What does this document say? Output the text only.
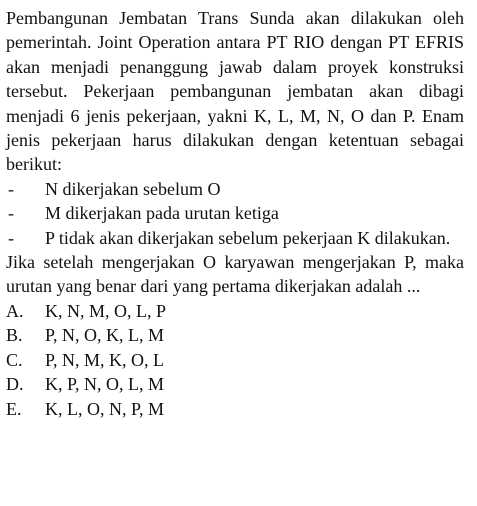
Pembangunan Jembatan Trans Sunda akan dilakukan oleh pemerintah. Joint Operation antara PT RIO dengan PT EFRIS akan menjadi penanggung jawab dalam proyek konstruksi tersebut. Pekerjaan pembangunan jembatan akan dibagi menjadi 6 jenis pekerjaan, yakni K, L, M, N, O dan P. Enam jenis pekerjaan harus dilakukan dengan ketentuan sebagai berikut:

- N dikerjakan sebelum O
- M dikerjakan pada urutan ketiga
- P tidak akan dikerjakan sebelum pekerjaan K dilakukan.

Jika setelah mengerjakan O karyawan mengerjakan P, maka urutan yang benar dari yang pertama dikerjakan adalah ...

A.	K, N, M, O, L, P
B.	P, N, O, K, L, M
C.	P, N, M, K, O, L
D.	K, P, N, O, L, M
E.	K, L, O, N, P, M
